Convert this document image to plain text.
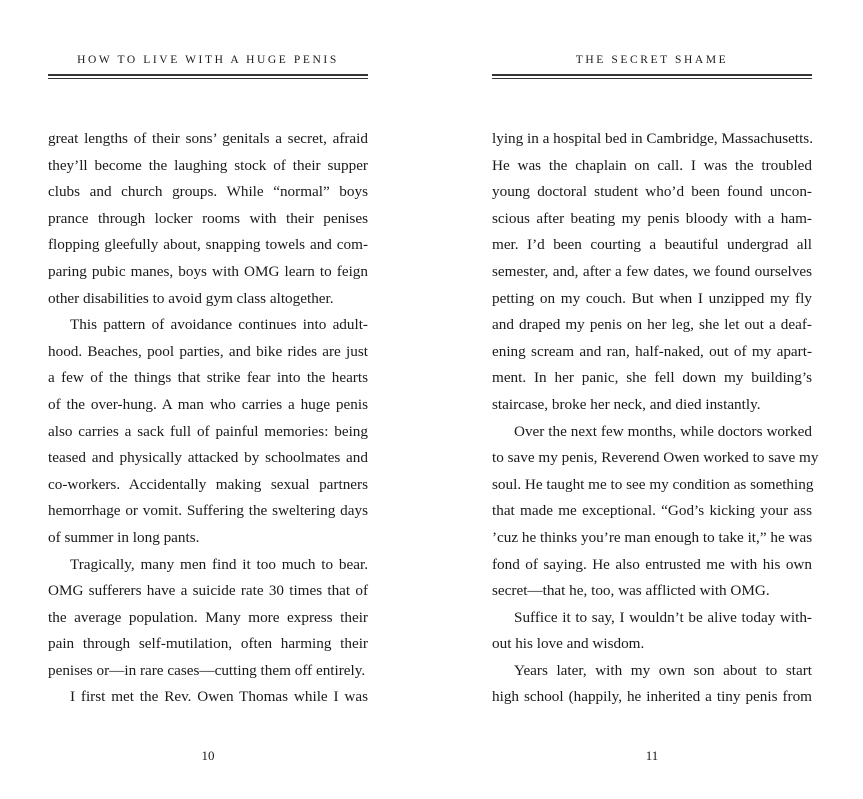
HOW TO LIVE WITH A HUGE PENIS
great lengths of their sons’ genitals a secret, afraid
they’ll become the laughing stock of their supper
clubs and church groups. While “normal” boys
prance through locker rooms with their penises
flopping gleefully about, snapping towels and com-
paring pubic manes, boys with OMG learn to feign
other disabilities to avoid gym class altogether.
This pattern of avoidance continues into adult-
hood. Beaches, pool parties, and bike rides are just
a few of the things that strike fear into the hearts
of the over-hung. A man who carries a huge penis
also carries a sack full of painful memories: being
teased and physically attacked by schoolmates and
co-workers. Accidentally making sexual partners
hemorrhage or vomit. Suffering the sweltering days
of summer in long pants.
Tragically, many men find it too much to bear.
OMG sufferers have a suicide rate 30 times that of
the average population. Many more express their
pain through self-mutilation, often harming their
penises or—in rare cases—cutting them off entirely.
I first met the Rev. Owen Thomas while I was
10
THE SECRET SHAME
lying in a hospital bed in Cambridge, Massachusetts.
He was the chaplain on call. I was the troubled
young doctoral student who’d been found uncon-
scious after beating my penis bloody with a ham-
mer. I’d been courting a beautiful undergrad all
semester, and, after a few dates, we found ourselves
petting on my couch. But when I unzipped my fly
and draped my penis on her leg, she let out a deaf-
ening scream and ran, half-naked, out of my apart-
ment. In her panic, she fell down my building’s
staircase, broke her neck, and died instantly.
Over the next few months, while doctors worked
to save my penis, Reverend Owen worked to save my
soul. He taught me to see my condition as something
that made me exceptional. “God’s kicking your ass
’cuz he thinks you’re man enough to take it,” he was
fond of saying. He also entrusted me with his own
secret—that he, too, was afflicted with OMG.
Suffice it to say, I wouldn’t be alive today with-
out his love and wisdom.
Years later, with my own son about to start
high school (happily, he inherited a tiny penis from
11
